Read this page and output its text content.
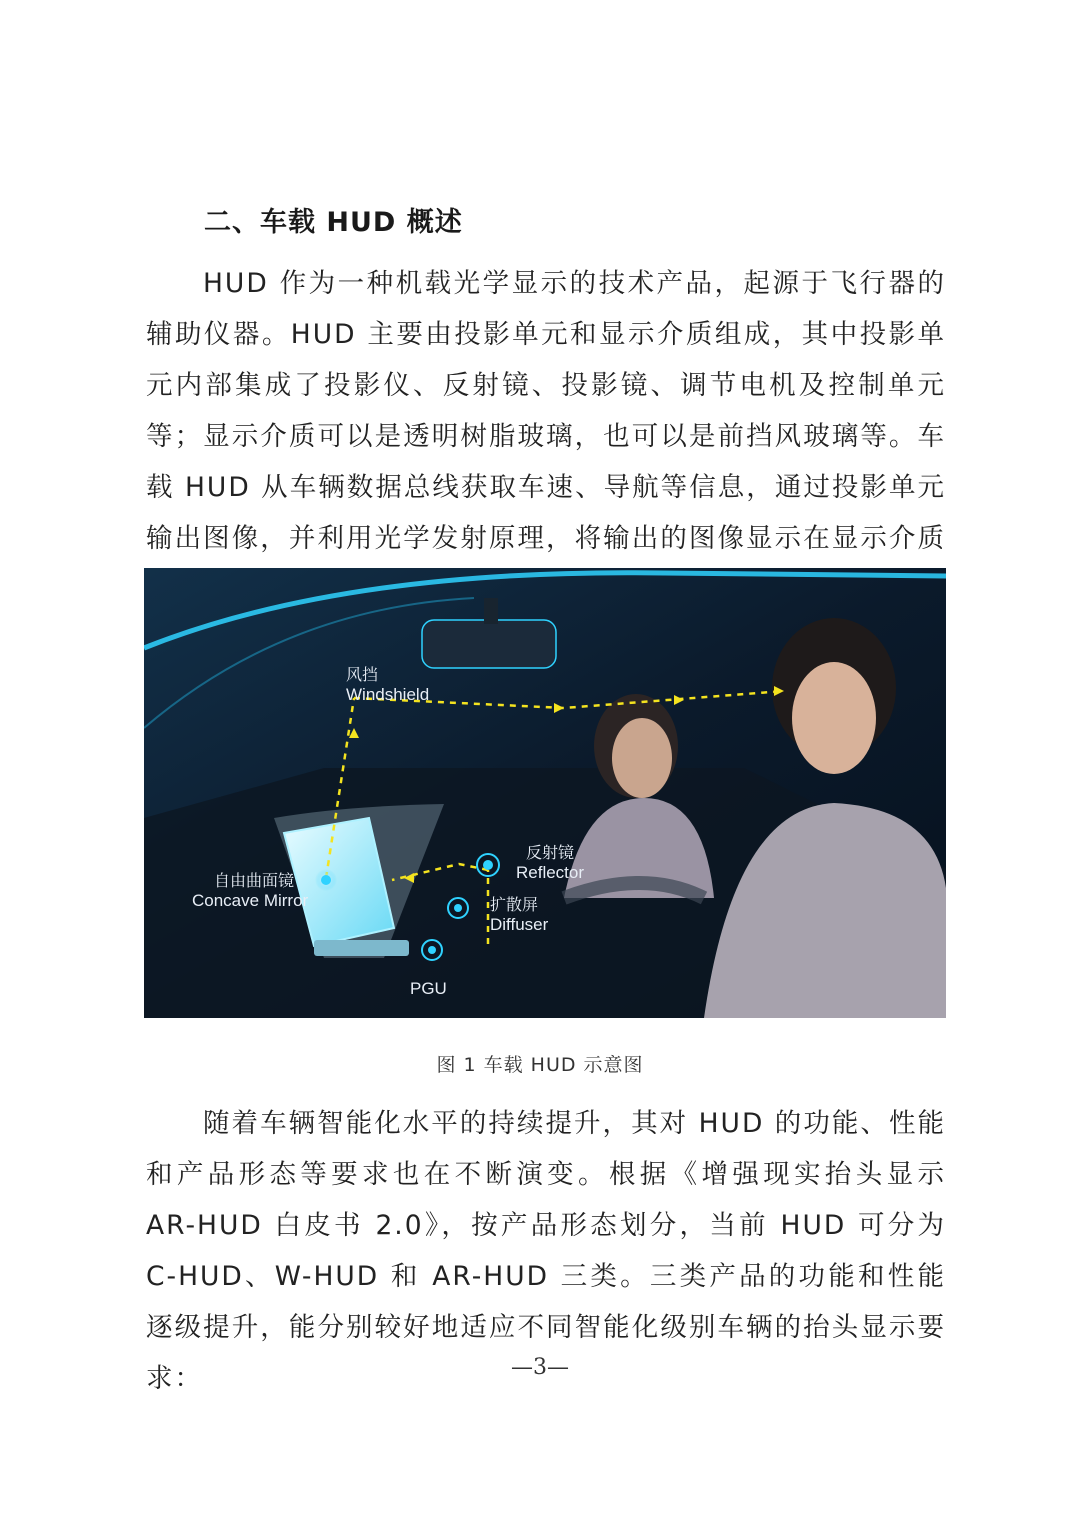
二、车载 HUD 概述
HUD 作为一种机载光学显示的技术产品，起源于飞行器的辅助仪器。HUD 主要由投影单元和显示介质组成，其中投影单元内部集成了投影仪、反射镜、投影镜、调节电机及控制单元等；显示介质可以是透明树脂玻璃，也可以是前挡风玻璃等。车载 HUD 从车辆数据总线获取车速、导航等信息，通过投影单元输出图像，并利用光学发射原理，将输出的图像显示在显示介质
风挡
Windshield
自由曲面镜
Concave Mirror
反射镜
Reflector
扩散屏
Diffuser
PGU
图 1 车载 HUD 示意图
随着车辆智能化水平的持续提升，其对 HUD 的功能、性能和产品形态等要求也在不断演变。根据《增强现实抬头显示 AR-HUD 白皮书 2.0》，按产品形态划分，当前 HUD 可分为 C-HUD、W-HUD 和 AR-HUD 三类。三类产品的功能和性能逐级提升，能分别较好地适应不同智能化级别车辆的抬头显示要求：	—3—
